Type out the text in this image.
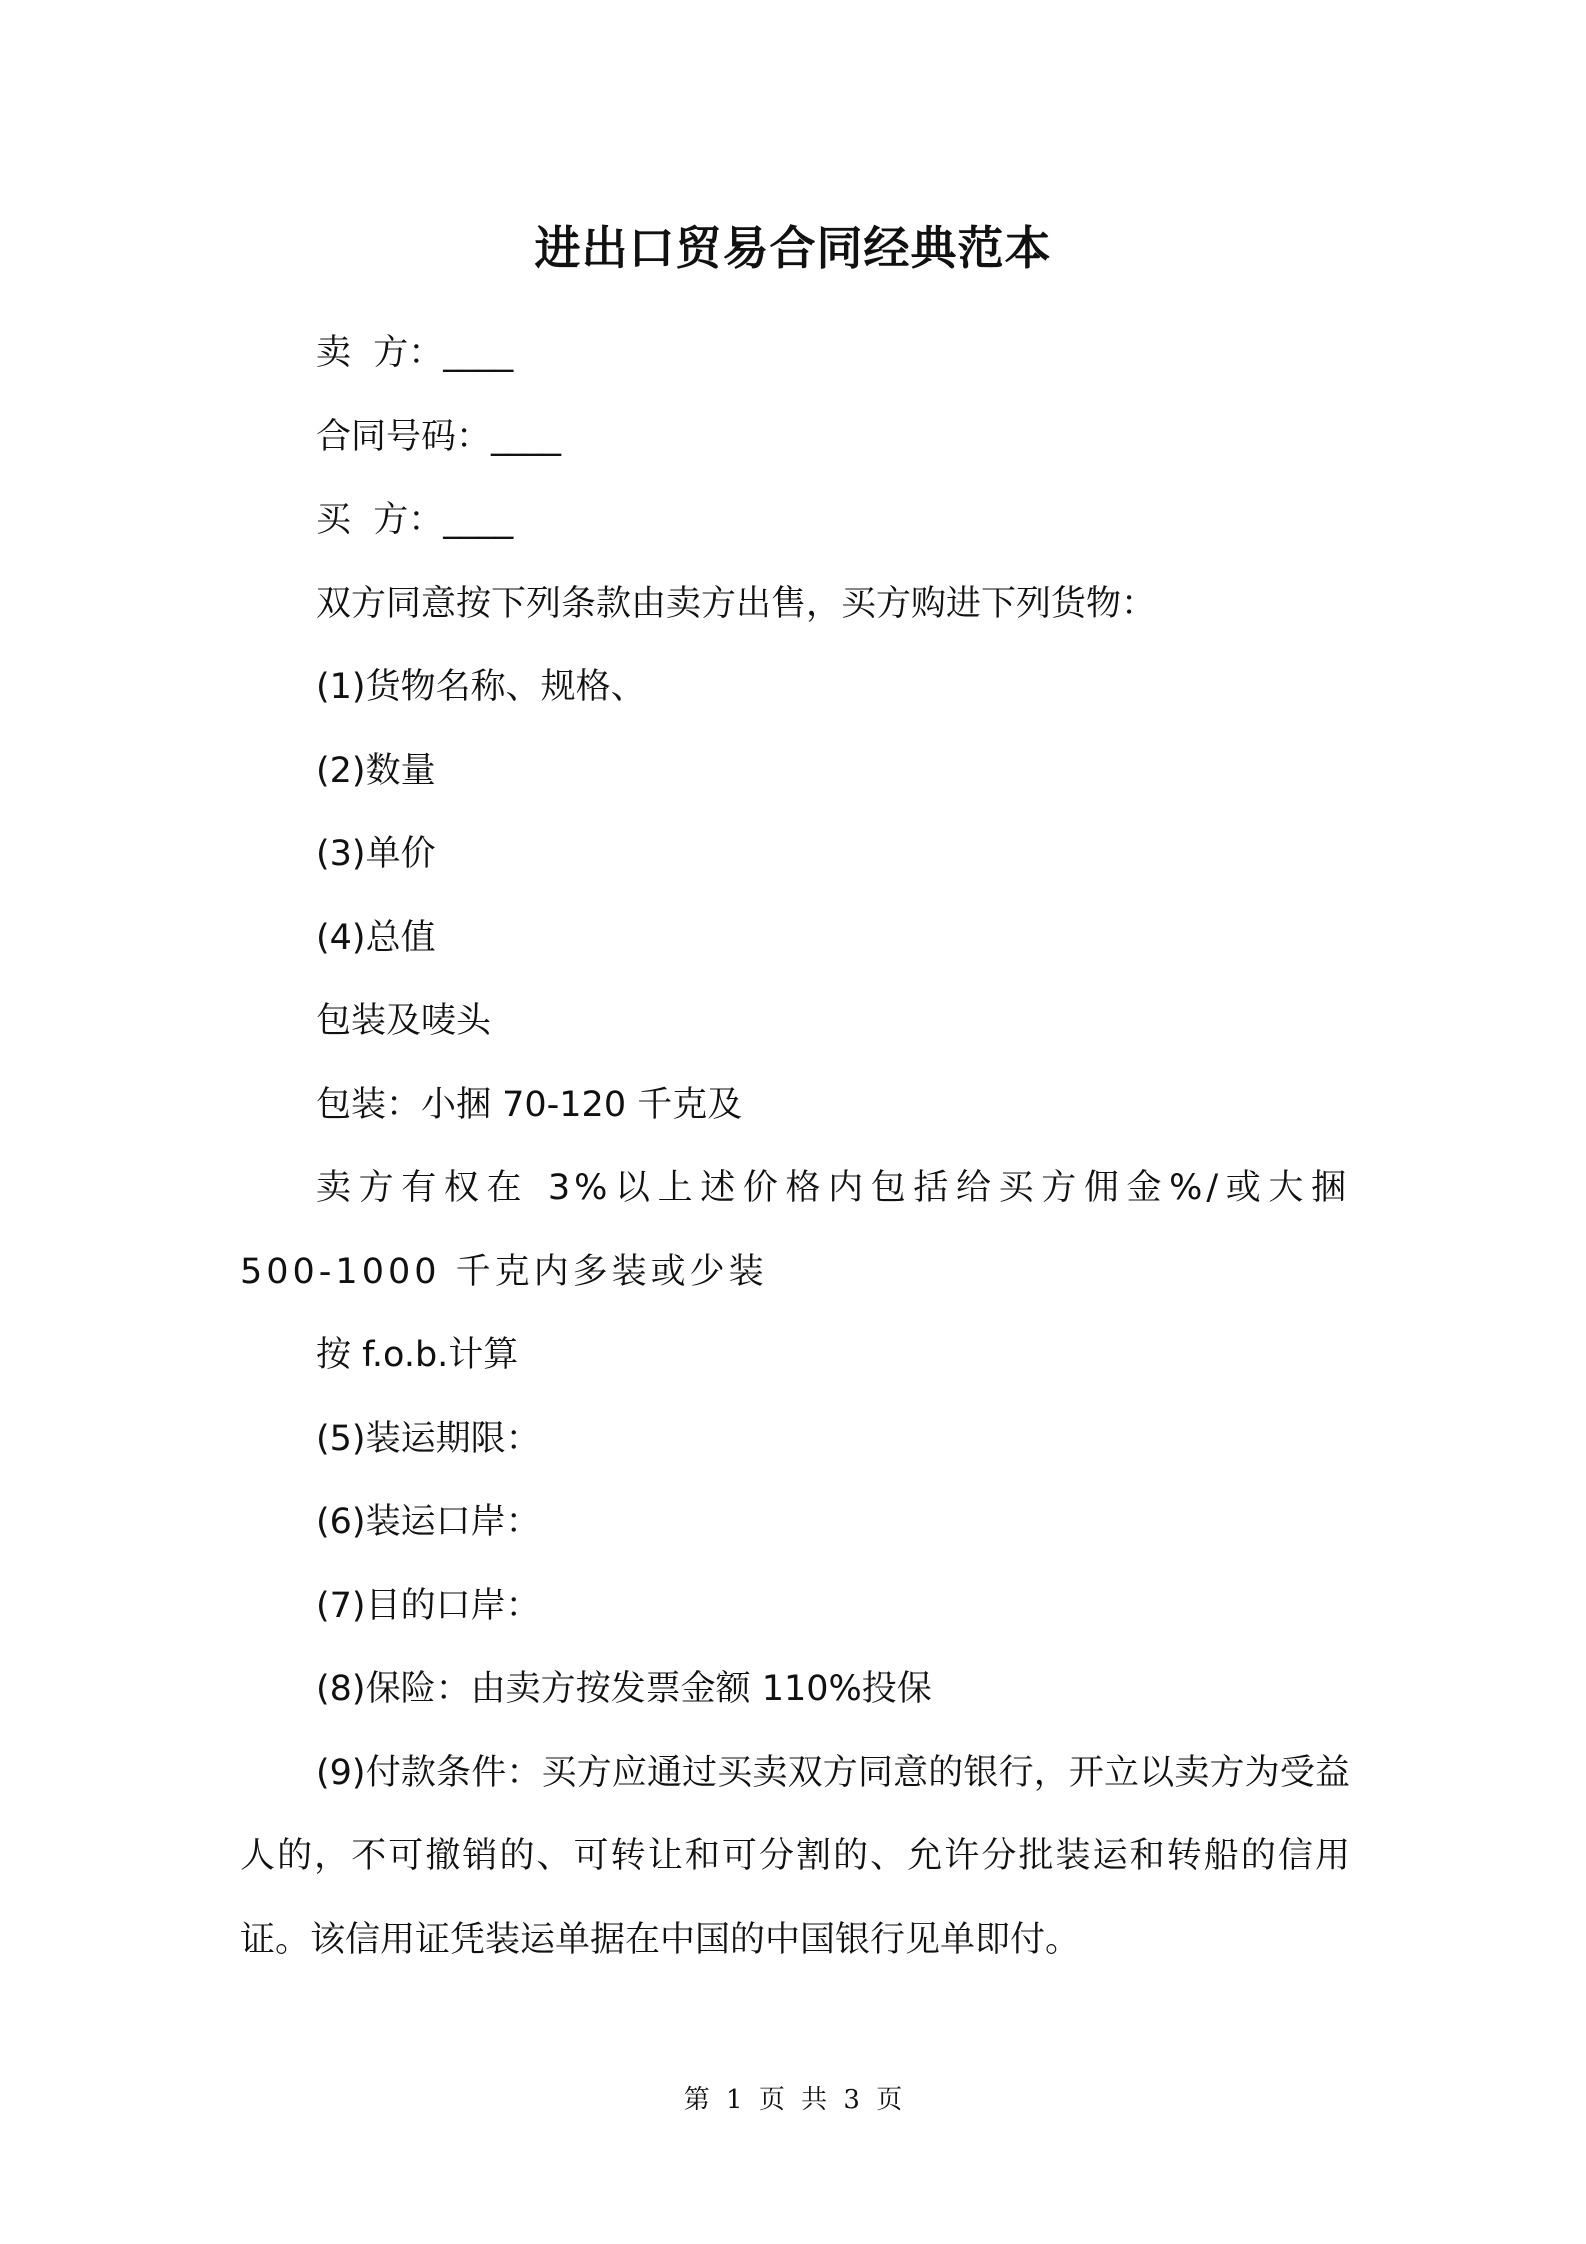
进出口贸易合同经典范本

卖  方：____

合同号码：____

买  方：____

双方同意按下列条款由卖方出售，买方购进下列货物：

(1)货物名称、规格、

(2)数量

(3)单价

(4)总值

包装及唛头

包装：小捆 70-120 千克及

卖方有权在 3%以上述价格内包括给买方佣金%/或大捆 500-1000 千克内多装或少装

按 f.o.b.计算

(5)装运期限：

(6)装运口岸：

(7)目的口岸：

(8)保险：由卖方按发票金额 110%投保

(9)付款条件：买方应通过买卖双方同意的银行，开立以卖方为受益人的，不可撤销的、可转让和可分割的、允许分批装运和转船的信用证。该信用证凭装运单据在中国的中国银行见单即付。

第 1 页 共 3 页
